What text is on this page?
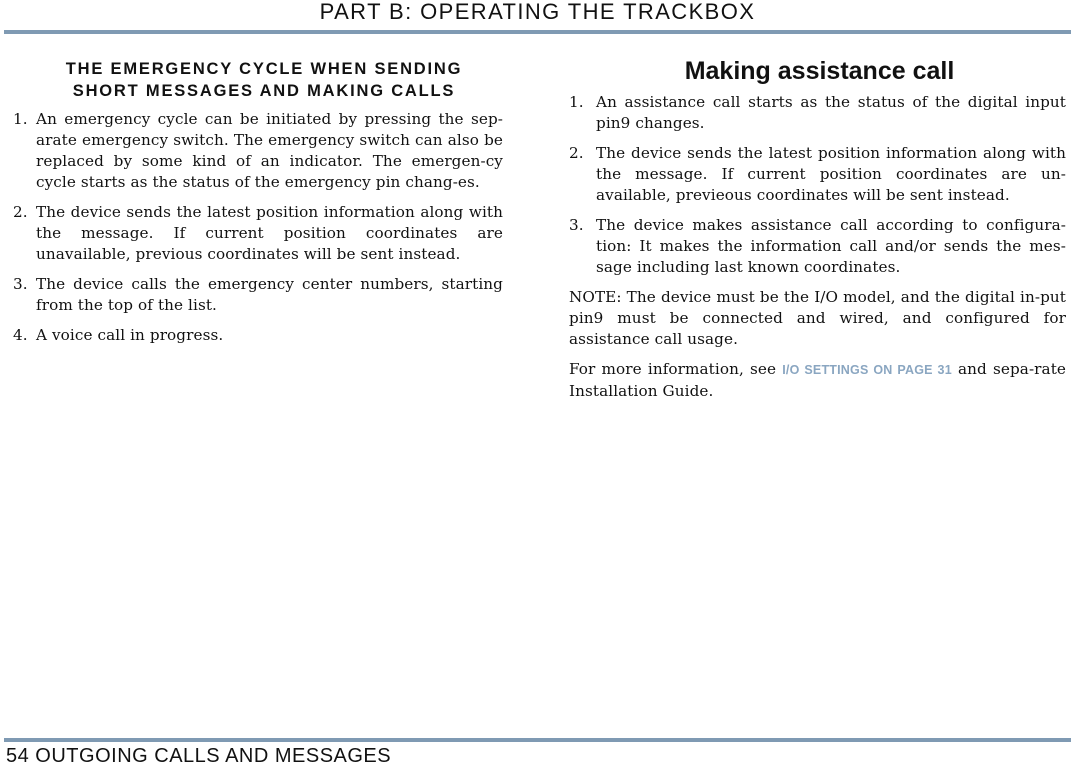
PART B: OPERATING THE TRACKBOX
THE EMERGENCY CYCLE WHEN SENDING
SHORT MESSAGES AND MAKING CALLS
1. An emergency cycle can be initiated by pressing the sep-arate emergency switch. The emergency switch can also be replaced by some kind of an indicator. The emergen-cy cycle starts as the status of the emergency pin chang-es.
2. The device sends the latest position information along with the message. If current position coordinates are unavailable, previous coordinates will be sent instead.
3. The device calls the emergency center numbers, starting from the top of the list.
4. A voice call in progress.
Making assistance call
1. An assistance call starts as the status of the digital input pin9 changes.
2. The device sends the latest position information along with the message. If current position coordinates are un-available, previeous coordinates will be sent instead.
3. The device makes assistance call according to configura-tion: It makes the information call and/or sends the mes-sage including last known coordinates.

NOTE: The device must be the I/O model, and the digital in-put pin9 must be connected and wired, and configured for assistance call usage.

For more information, see I/O SETTINGS ON PAGE 31 and sepa-rate Installation Guide.

54 OUTGOING CALLS AND MESSAGES
